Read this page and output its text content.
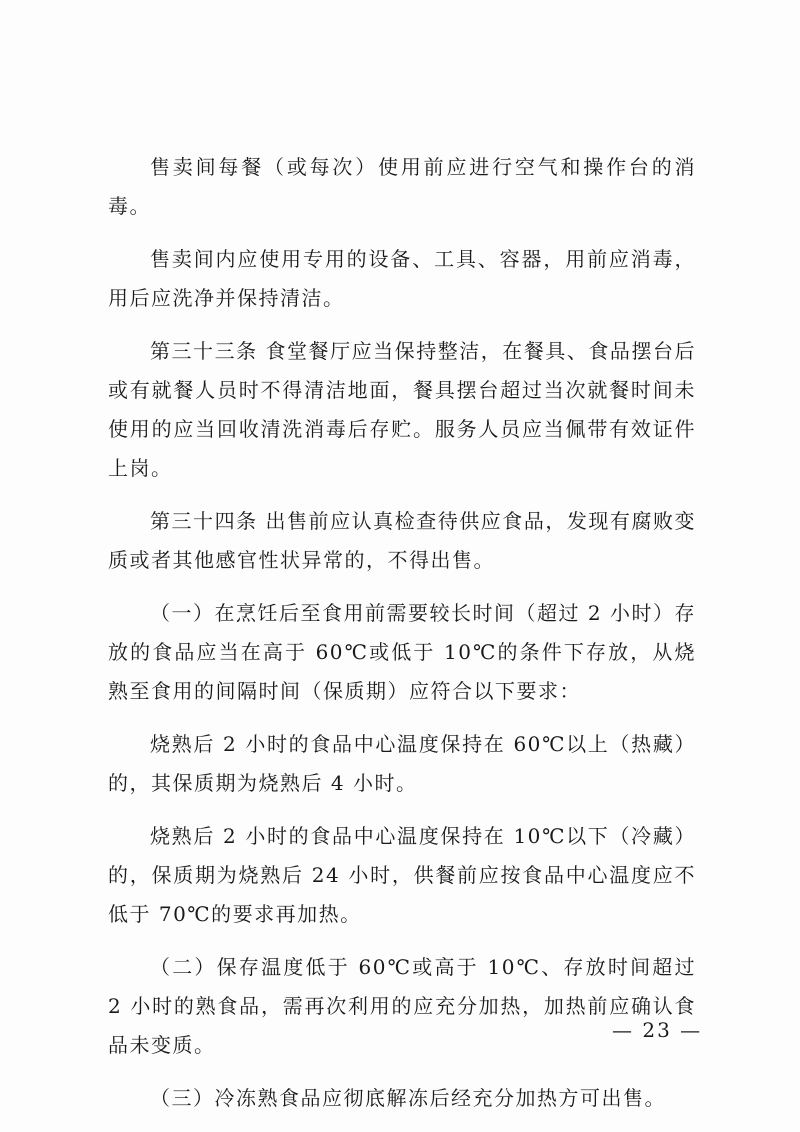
售卖间每餐（或每次）使用前应进行空气和操作台的消毒。

售卖间内应使用专用的设备、工具、容器，用前应消毒，用后应洗净并保持清洁。

第三十三条 食堂餐厅应当保持整洁，在餐具、食品摆台后或有就餐人员时不得清洁地面，餐具摆台超过当次就餐时间未使用的应当回收清洗消毒后存贮。服务人员应当佩带有效证件上岗。

第三十四条 出售前应认真检查待供应食品，发现有腐败变质或者其他感官性状异常的，不得出售。

（一）在烹饪后至食用前需要较长时间（超过 2 小时）存放的食品应当在高于 60℃或低于 10℃的条件下存放，从烧熟至食用的间隔时间（保质期）应符合以下要求：

烧熟后 2 小时的食品中心温度保持在 60℃以上（热藏）的，其保质期为烧熟后 4 小时。

烧熟后 2 小时的食品中心温度保持在 10℃以下（冷藏）的，保质期为烧熟后 24 小时，供餐前应按食品中心温度应不低于 70℃的要求再加热。

（二）保存温度低于 60℃或高于 10℃、存放时间超过 2 小时的熟食品，需再次利用的应充分加热，加热前应确认食品未变质。

（三）冷冻熟食品应彻底解冻后经充分加热方可出售。

— 23 —
